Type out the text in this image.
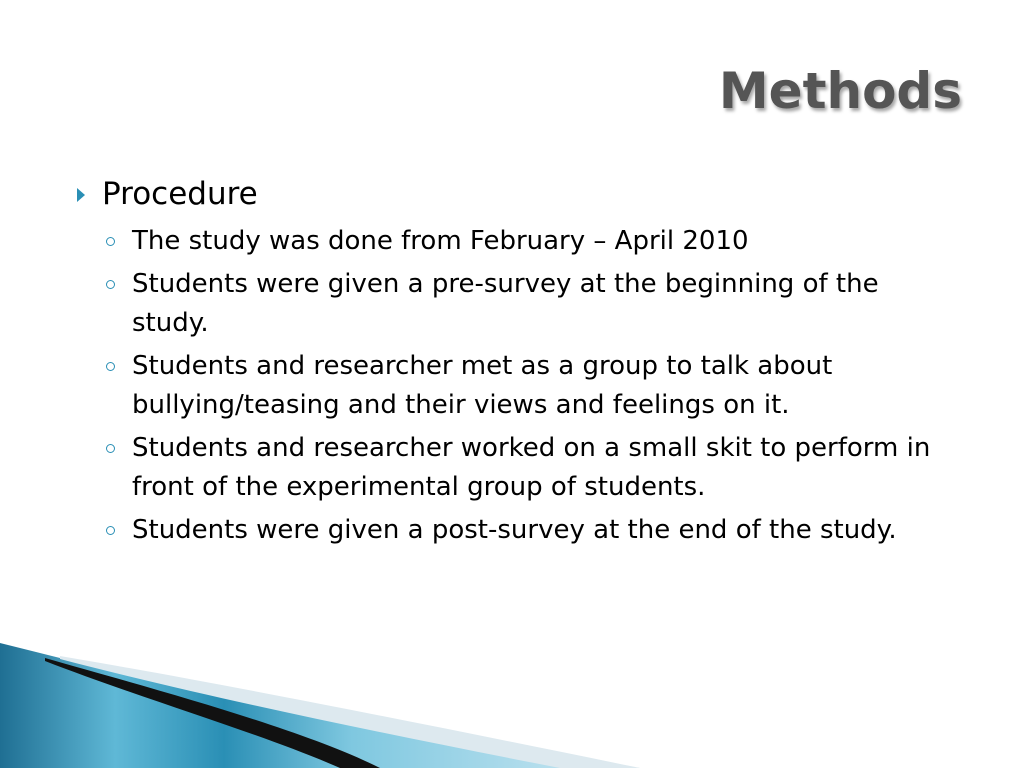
Methods
Procedure
The study was done from February – April 2010
Students were given a pre-survey at the beginning of the study.
Students and researcher met as a group to talk about bullying/teasing and their views and feelings on it.
Students and researcher worked on a small skit to perform in front of the experimental group of students.
Students were given a post-survey at the end of the study.
